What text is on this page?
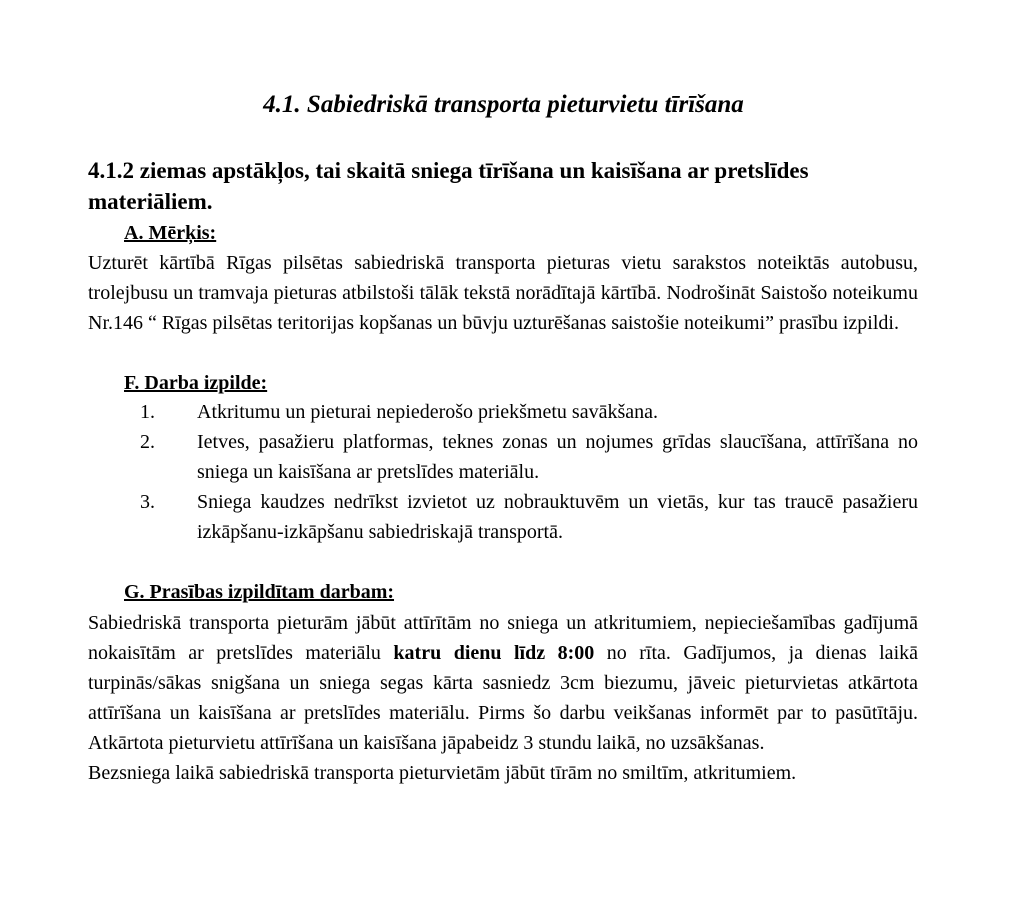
4.1. Sabiedriskā transporta pieturvietu tīrīšana
4.1.2 ziemas apstākļos, tai skaitā sniega tīrīšana un kaisīšana ar pretslīdes materiāliem.
A. Mērķis:
Uzturēt kārtībā Rīgas pilsētas sabiedriskā transporta pieturas vietu sarakstos noteiktās autobusu, trolejbusu un tramvaja pieturas atbilstoši tālāk tekstā norādītajā kārtībā. Nodrošināt Saistošo noteikumu Nr.146 “ Rīgas pilsētas teritorijas kopšanas un būvju uzturēšanas saistošie noteikumi” prasību izpildi.
F. Darba izpilde:
1.	Atkritumu un pieturai nepiederošo priekšmetu savākšana.
2.	Ietves, pasažieru platformas, teknes zonas un nojumes grīdas slaucīšana, attīrīšana no sniega un kaisīšana ar pretslīdes materiālu.
3.	Sniega kaudzes nedrīkst izvietot uz nobrauktuvēm un vietās, kur tas traucē pasažieru izkāpšanu-izkāpšanu sabiedriskajā transportā.
G. Prasības izpildītam darbam:

Sabiedriskā transporta pieturām jābūt attīrītām no sniega un atkritumiem, nepieciešamības gadījumā nokaisītām ar pretslīdes materiālu katru dienu līdz 8:00 no rīta. Gadījumos, ja dienas laikā turpinās/sākas snigšana un sniega segas kārta sasniedz 3cm biezumu, jāveic pieturvietas atkārtota attīrīšana un kaisīšana ar pretslīdes materiālu. Pirms šo darbu veikšanas informēt par to pasūtītāju. Atkārtota pieturvietu attīrīšana un kaisīšana jāpabeidz 3 stundu laikā, no uzsākšanas.

Bezsniega laikā sabiedriskā transporta pieturvietām jābūt tīrām no smiltīm, atkritumiem.
